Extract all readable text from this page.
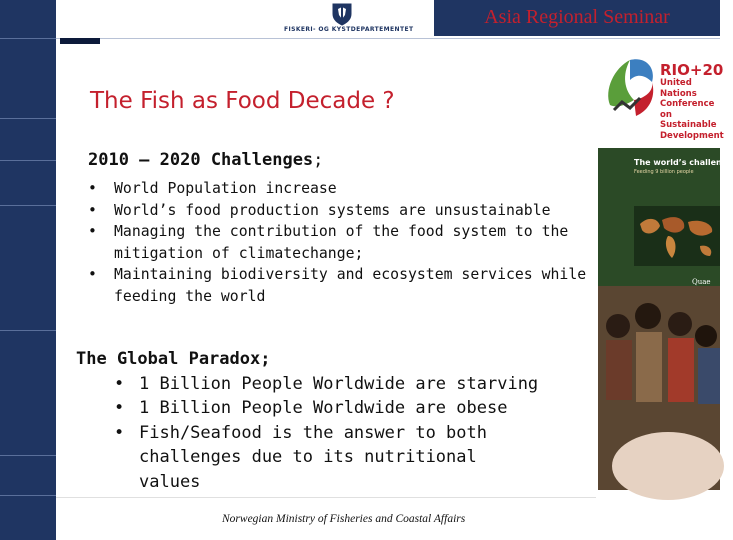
FISKERI- OG KYSTDEPARTEMENTET
Asia Regional Seminar
The Fish as Food Decade ?
2010 – 2020 Challenges;
• World Population increase
• World’s food production systems are unsustainable
• Managing the contribution of the food system to the mitigation of climatechange;
• Maintaining biodiversity and ecosystem services while feeding the world
The Global Paradox;
• 1 Billion People Worldwide are starving
• 1 Billion People Worldwide are obese
• Fish/Seafood is the answer to both challenges due to its nutritional values
Norwegian Ministry of Fisheries and Coastal Affairs
RIO+20
United Nations
Conference on
Sustainable
Development
The world’s challenge
Feeding 9 billion people
Quae
